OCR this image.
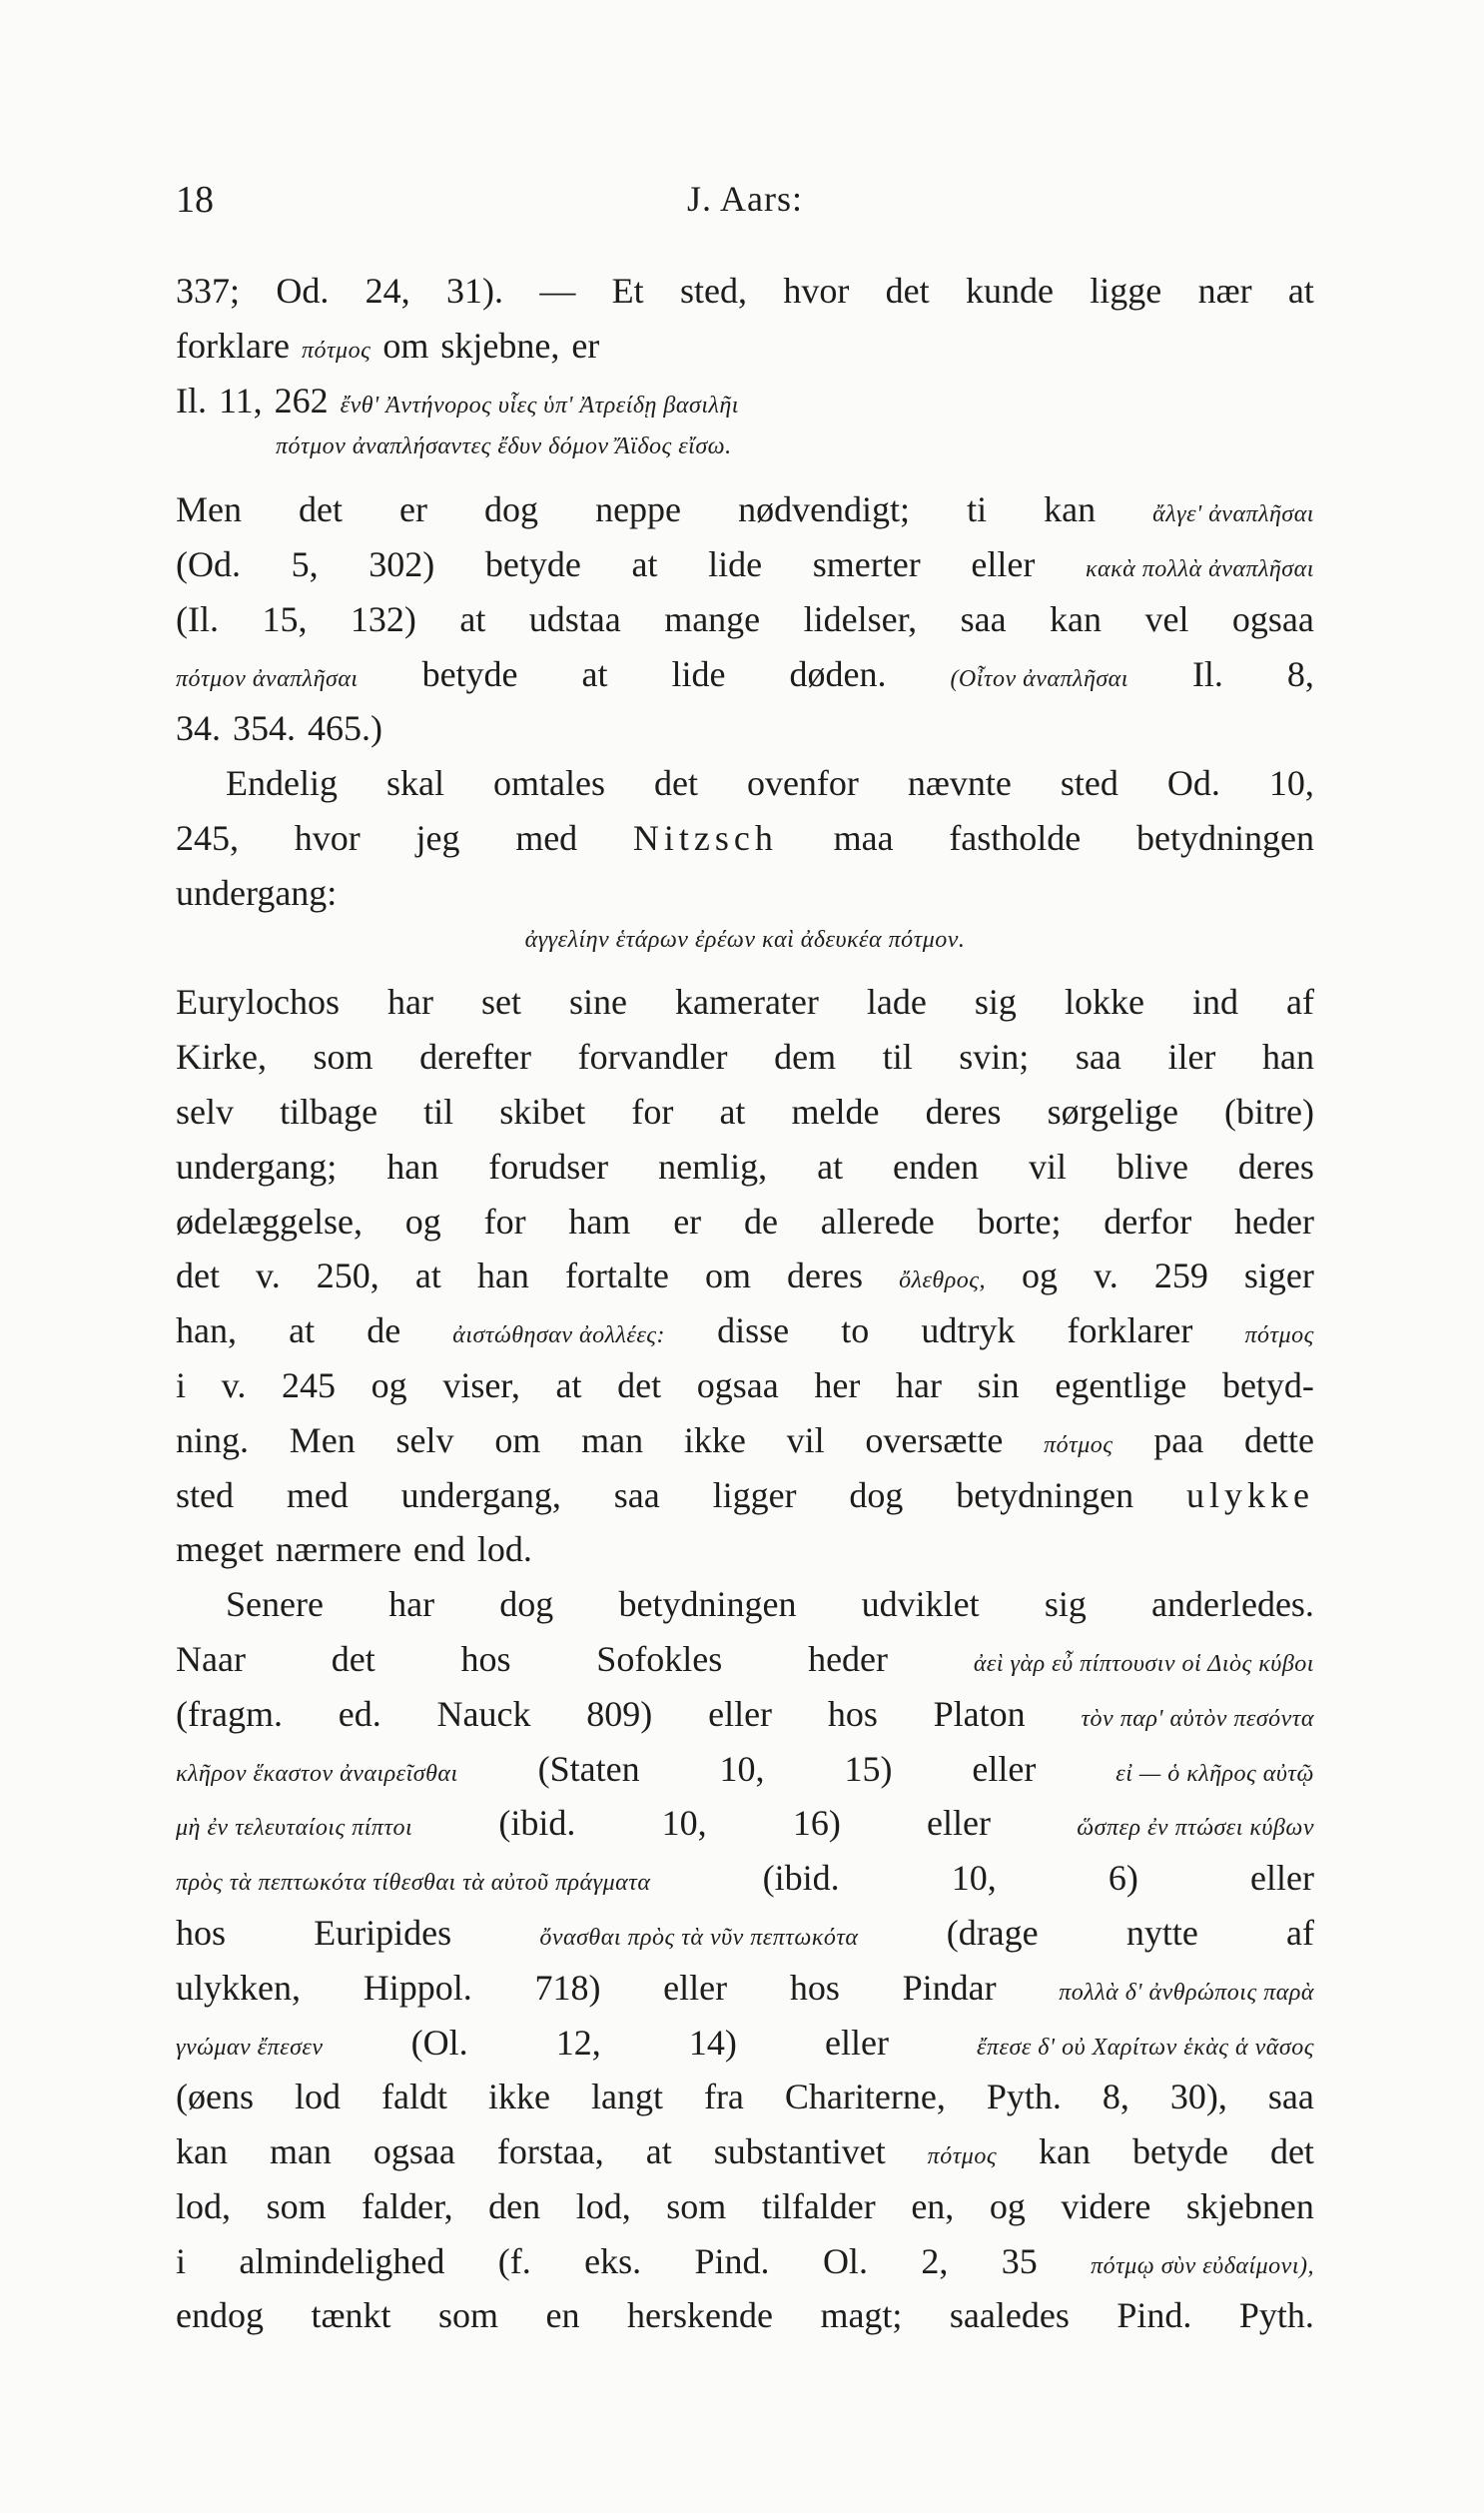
18	J. Aars:
337; Od. 24, 31). — Et sted, hvor det kunde ligge nær at
forklare πότμος om skjebne, er
Il. 11, 262 ἔνθ' Ἀντήνορος υἷες ὑπ' Ἀτρείδῃ βασιλῆι
πότμον ἀναπλήσαντες ἔδυν δόμον Ἄϊδος εἴσω.
Men det er dog neppe nødvendigt; ti kan ἄλγε' ἀναπλῆσαι
(Od. 5, 302) betyde at lide smerter eller κακὰ πολλὰ ἀναπλῆσαι
(Il. 15, 132) at udstaa mange lidelser, saa kan vel ogsaa
πότμον ἀναπλῆσαι betyde at lide døden.	(Οἶτον ἀναπλῆσαι Il. 8,
34. 354. 465.)
Endelig skal omtales det ovenfor nævnte sted Od. 10,
245, hvor jeg med Nitzsch maa fastholde betydningen
undergang:
ἀγγελίην ἑτάρων ἐρέων καὶ ἀδευκέα πότμον.
Eurylochos har set sine kamerater lade sig lokke ind af
Kirke, som derefter forvandler dem til svin; saa iler han
selv tilbage til skibet for at melde deres sørgelige (bitre)
undergang; han forudser nemlig, at enden vil blive deres
ødelæggelse, og for ham er de allerede borte; derfor heder
det v. 250, at han fortalte om deres ὄλεθρος, og v. 259 siger
han, at de ἀιστώθησαν ἀολλέες: disse to udtryk forklarer πότμος
i v. 245 og viser, at det ogsaa her har sin egentlige betyd-
ning. Men selv om man ikke vil oversætte πότμος paa dette
sted med undergang, saa ligger dog betydningen ulykke
meget nærmere end lod.
Senere har dog betydningen udviklet sig anderledes.
Naar det hos Sofokles heder	ἀεὶ γὰρ εὖ πίπτουσιν οἱ Διὸς κύβοι
(fragm. ed. Nauck 809) eller hos Platon τὸν παρ' αὐτὸν πεσόντα
κλῆρον ἕκαστον ἀναιρεῖσθαι (Staten 10, 15) eller	εἰ — ὁ κλῆρος αὐτῷ
μὴ ἐν τελευταίοις πίπτοι (ibid. 10, 16) eller	ὥσπερ ἐν πτώσει κύβων
πρὸς τὰ πεπτωκότα τίθεσθαι τὰ αὐτοῦ πράγματα	(ibid.	10,	6)	eller
hos Euripides	ὄνασθαι πρὸς τὰ νῦν πεπτωκότα (drage nytte af
ulykken, Hippol. 718) eller hos Pindar	πολλὰ δ' ἀνθρώποις παρὰ
γνώμαν ἔπεσεν (Ol. 12, 14) eller	ἔπεσε δ' οὐ Χαρίτων ἑκὰς ἁ νᾶσος
(øens lod faldt ikke langt fra Chariterne, Pyth. 8, 30), saa
kan man ogsaa forstaa, at substantivet πότμος kan betyde det
lod, som falder, den lod, som tilfalder en, og videre skjebnen
i almindelighed (f. eks. Pind. Ol. 2, 35 πότμῳ σὺν εὐδαίμονι),
endog tænkt som en herskende magt; saaledes Pind. Pyth.
